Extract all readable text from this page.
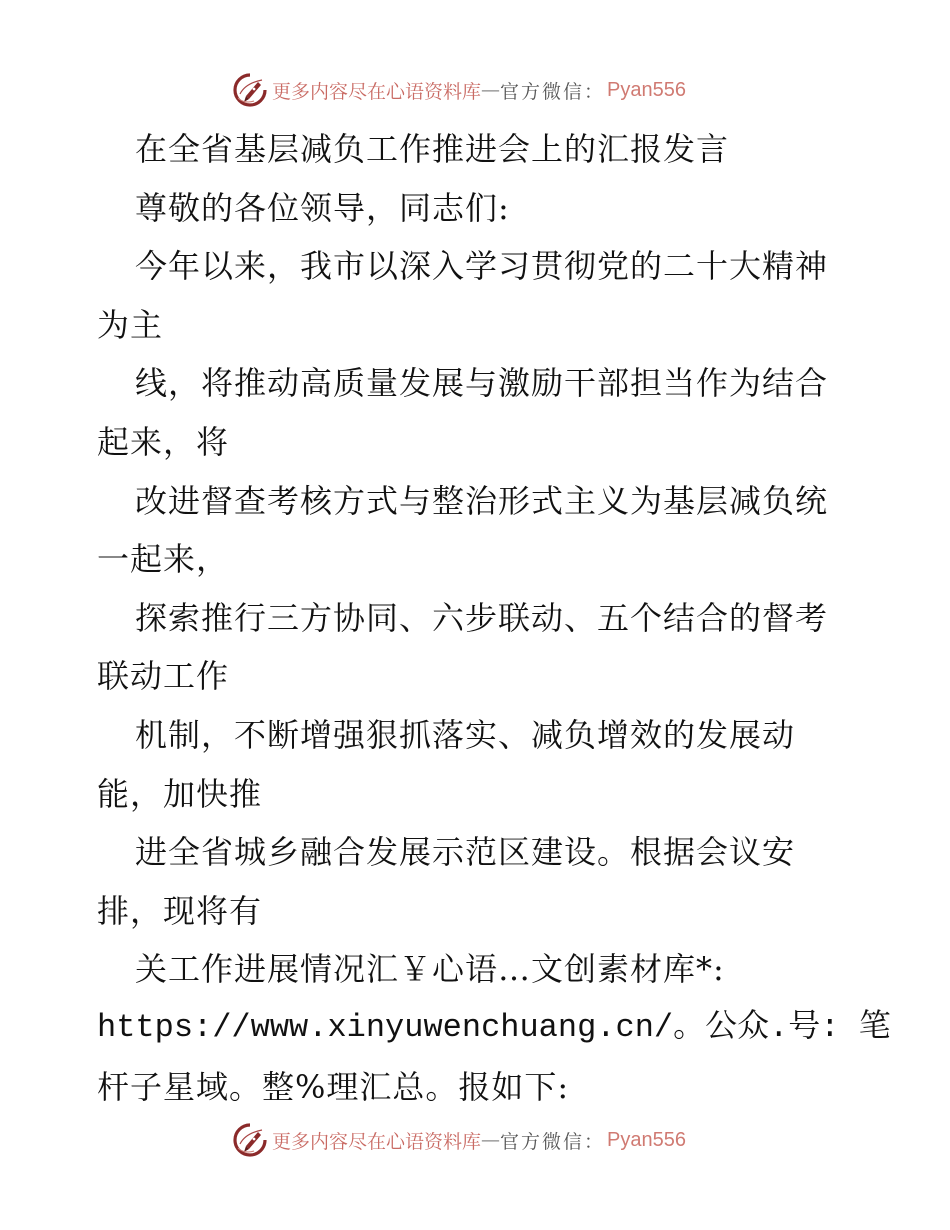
更多内容尽在心语资料库 — 官方微信： Pyan556
在全省基层减负工作推进会上的汇报发言
尊敬的各位领导，同志们:
今年以来，我市以深入学习贯彻党的二十大精神
为主
线，将推动高质量发展与激励干部担当作为结合
起来，将
改进督查考核方式与整治形式主义为基层减负统
一起来，
探索推行三方协同、六步联动、五个结合的督考
联动工作
机制，不断增强狠抓落实、减负增效的发展动
能，加快推
进全省城乡融合发展示范区建设。根据会议安
排，现将有
关工作进展情况汇￥心语…文创素材库*:
https://www.xinyuwenchuang.cn/。公众.号: 笔
杆子星域。整%理汇总。报如下:
更多内容尽在心语资料库 — 官方微信： Pyan556
